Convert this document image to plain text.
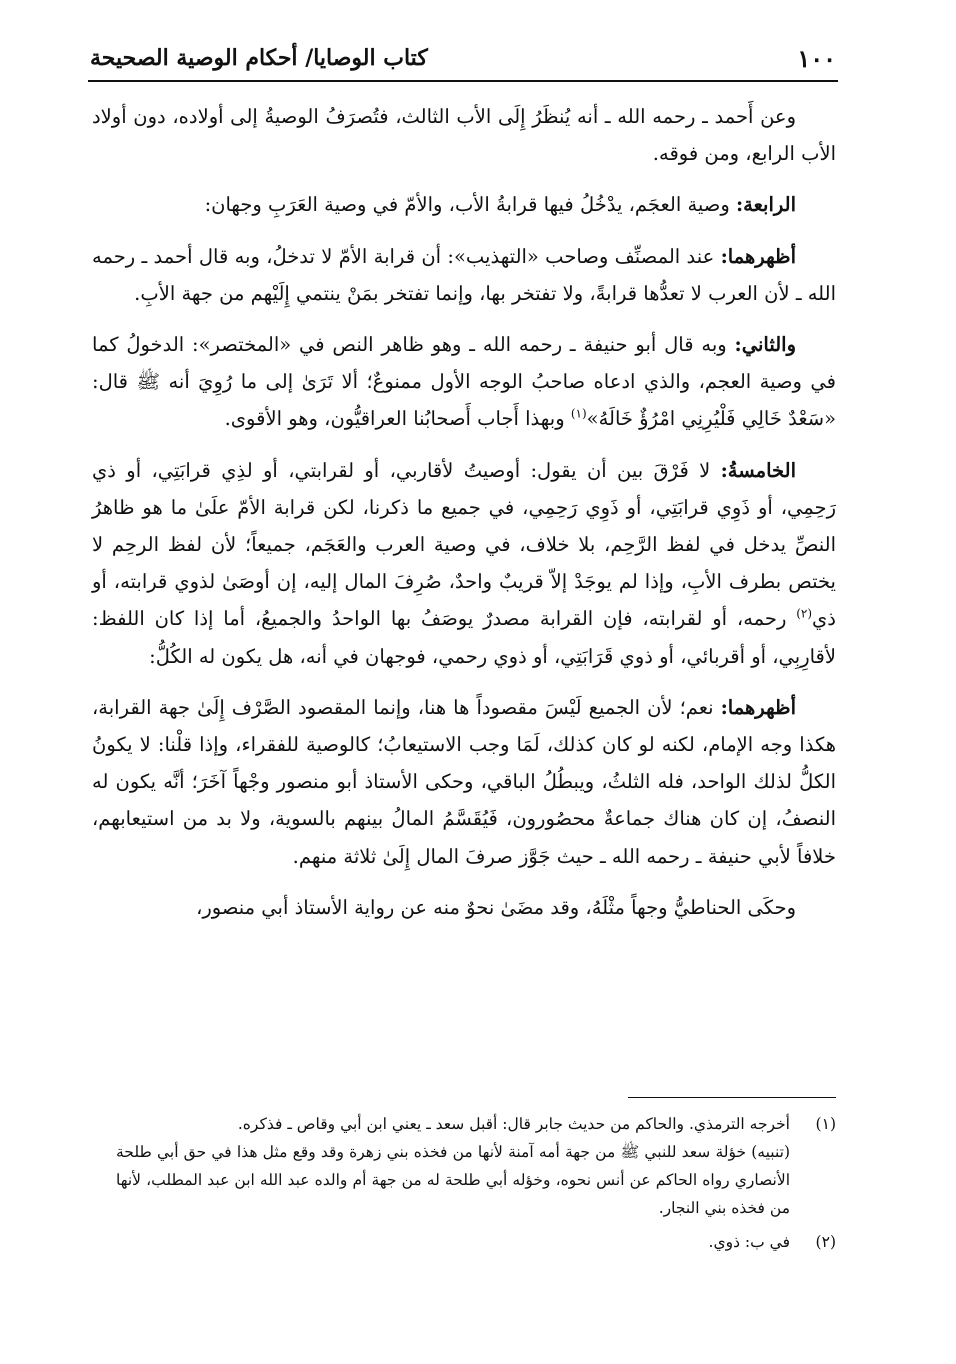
١٠٠
كتاب الوصايا/ أحكام الوصية الصحيحة

وعن أَحمد ـ رحمه الله ـ أنه يُنظَرُ إِلَى الأب الثالث، فتُصرَفُ الوصيةُ إلى أولاده، دون أولاد الأب الرابع، ومن فوقه.

الرابعة: وصية العجَم، يدْخُلُ فيها قرابةُ الأب، والأمّ في وصية العَرَبِ وجهان:

أظهرهما: عند المصنِّف وصاحب «التهذيب»: أن قرابة الأمّ لا تدخلُ، وبه قال أحمد ـ رحمه الله ـ لأن العرب لا تعدُّها قرابةً، ولا تفتخر بها، وإنما تفتخر بمَنْ ينتمي إِلَيْهم من جهة الأبِ.

والثاني: وبه قال أبو حنيفة ـ رحمه الله ـ وهو ظاهر النص في «المختصر»: الدخولُ كما في وصية العجم، والذي ادعاه صاحبُ الوجه الأول ممنوعٌ؛ ألا تَرَىٰ إلى ما رُوِيَ أنه ﷺ قال: «سَعْدٌ خَالِي فَلْيُرِنِي امْرُؤٌ خَالَهُ»$^{(١)}$ وبهذا أَجاب أَصحابُنا العراقيُّون، وهو الأقوى.

الخامسةُ: لا فَرْقَ بين أن يقول: أوصيتُ لأقاربي، أو لقرابتي، أو لذِي قرابَتِي، أو ذي رَحِمِي، أو ذَوِي قرابَتِي، أو ذَوِي رَحِمِي، في جميع ما ذكرنا، لكن قرابة الأمّ علَىٰ ما هو ظاهرُ النصِّ يدخل في لفظ الرَّحِم، بلا خلاف، في وصية العرب والعَجَم، جميعاً؛ لأن لفظ الرحِم لا يختص بطرف الأبِ، وإذا لم يوجَدْ إلاّ قريبٌ واحدٌ، صُرِفَ المال إليه، إن أوصَىٰ لذوي قرابته، أو ذي$^{(٢)}$ رحمه، أو لقرابته، فإن القرابة مصدرٌ يوصَفُ بها الواحدُ والجميعُ، أما إذا كان اللفظ: لأقارِبِي، أو أقربائي، أو ذوي قَرَابَتِي، أو ذوي رحمي، فوجهان في أنه، هل يكون له الكُلُّ:

أظهرهما: نعم؛ لأن الجميع لَيْسَ مقصوداً ها هنا، وإنما المقصود الصَّرْف إِلَىٰ جهة القرابة، هكذا وجه الإمام، لكنه لو كان كذلك، لَمَا وجب الاستيعابُ؛ كالوصية للفقراء، وإذا قلْنا: لا يكونُ الكلُّ لذلك الواحد، فله الثلثُ، ويبطُلُ الباقي، وحكى الأستاذ أبو منصور وجْهاً آخَرَ؛ أنَّه يكون له النصفُ، إن كان هناك جماعةٌ محصُورون، فَيُقَسَّمُ المالُ بينهم بالسوية، ولا بد من استيعابهم، خلافاً لأبي حنيفة ـ رحمه الله ـ حيث جَوَّز صرفَ المال إِلَىٰ ثلاثة منهم.

وحكَى الحناطيُّ وجهاً مثْلَهُ، وقد مضَىٰ نحوٌ منه عن رواية الأستاذ أبي منصور،

(١)
أخرجه الترمذي. والحاكم من حديث جابر قال: أقبل سعد ـ يعني ابن أبي وقاص ـ فذكره.
(تنبيه) خؤلة سعد للنبي ﷺ من جهة أمه آمنة لأنها من فخذه بني زهرة وقد وقع مثل هذا في حق أبي طلحة الأنصاري رواه الحاكم عن أنس نحوه، وخؤله أبي طلحة له من جهة أم والده عبد الله ابن عبد المطلب، لأنها من فخذه بني النجار.
(٢)
في ب: ذوي.
